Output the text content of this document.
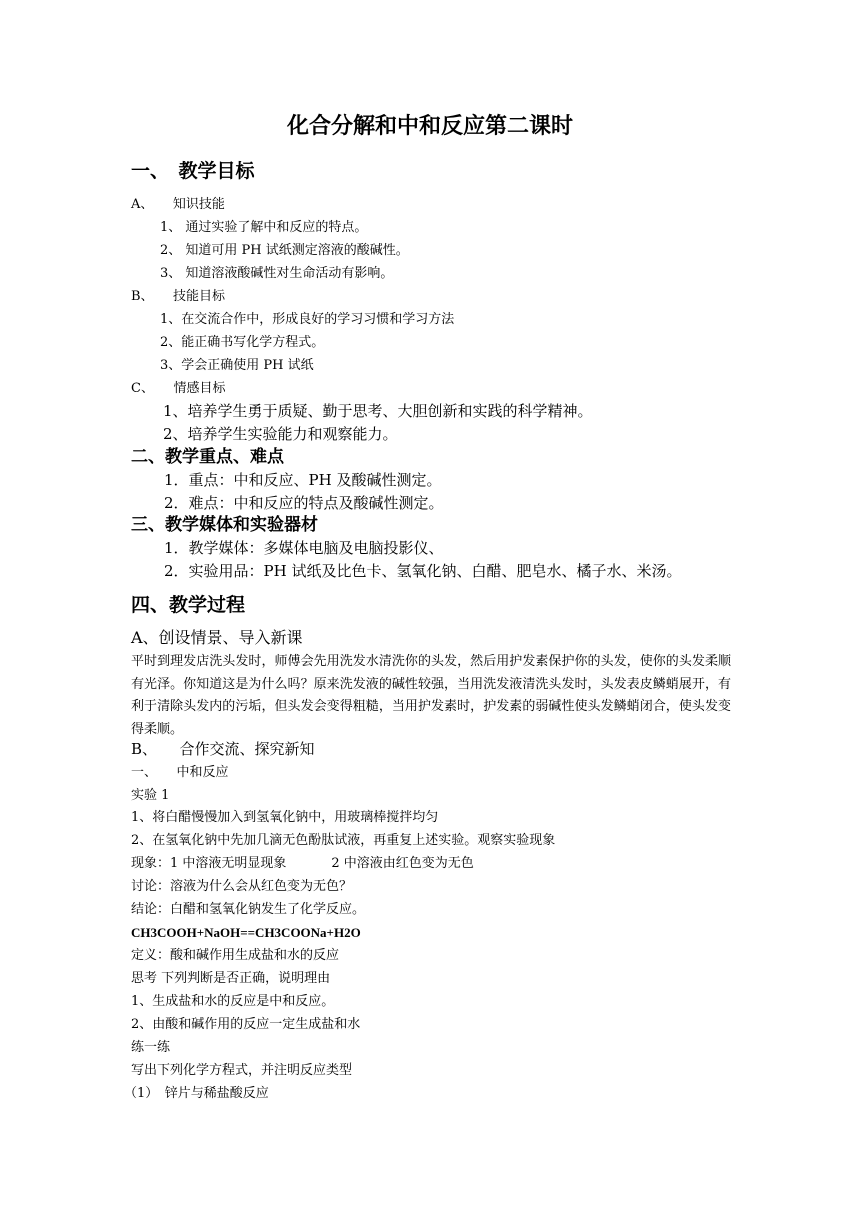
化合分解和中和反应第二课时
一、　教学目标
A、　　知识技能
1、 通过实验了解中和反应的特点。
2、 知道可用 PH 试纸测定溶液的酸碱性。
3、 知道溶液酸碱性对生命活动有影响。
B、　　技能目标
1、在交流合作中，形成良好的学习习惯和学习方法
2、能正确书写化学方程式。
3、学会正确使用 PH 试纸
C、　　情感目标
1、培养学生勇于质疑、勤于思考、大胆创新和实践的科学精神。
2、培养学生实验能力和观察能力。
二、教学重点、难点
1．重点：中和反应、PH 及酸碱性测定。
2．难点：中和反应的特点及酸碱性测定。
三、教学媒体和实验器材
1．教学媒体：多媒体电脑及电脑投影仪、
2．实验用品：PH 试纸及比色卡、氢氧化钠、白醋、肥皂水、橘子水、米汤。
四、教学过程
A、创设情景、导入新课
平时到理发店洗头发时，师傅会先用洗发水清洗你的头发，然后用护发素保护你的头发，使你的头发柔顺有光泽。你知道这是为什么吗？原来洗发液的碱性较强，当用洗发液清洗头发时，头发表皮鳞蛸展开，有利于清除头发内的污垢，但头发会变得粗糙，当用护发素时，护发素的弱碱性使头发鳞蛸闭合，使头发变得柔顺。
B、　　合作交流、探究新知
一、　　中和反应
实验 1
1、将白醋慢慢加入到氢氧化钠中，用玻璃棒搅拌均匀
2、在氢氧化钠中先加几滴无色酚肽试液，再重复上述实验。观察实验现象
现象：1 中溶液无明显现象	2 中溶液由红色变为无色
讨论：溶液为什么会从红色变为无色？
结论：白醋和氢氧化钠发生了化学反应。
CH3COOH+NaOH==CH3COONa+H2O
定义：酸和碱作用生成盐和水的反应
思考 下列判断是否正确，说明理由
1、生成盐和水的反应是中和反应。
2、由酸和碱作用的反应一定生成盐和水
练一练
写出下列化学方程式，并注明反应类型
（1）　锌片与稀盐酸反应
